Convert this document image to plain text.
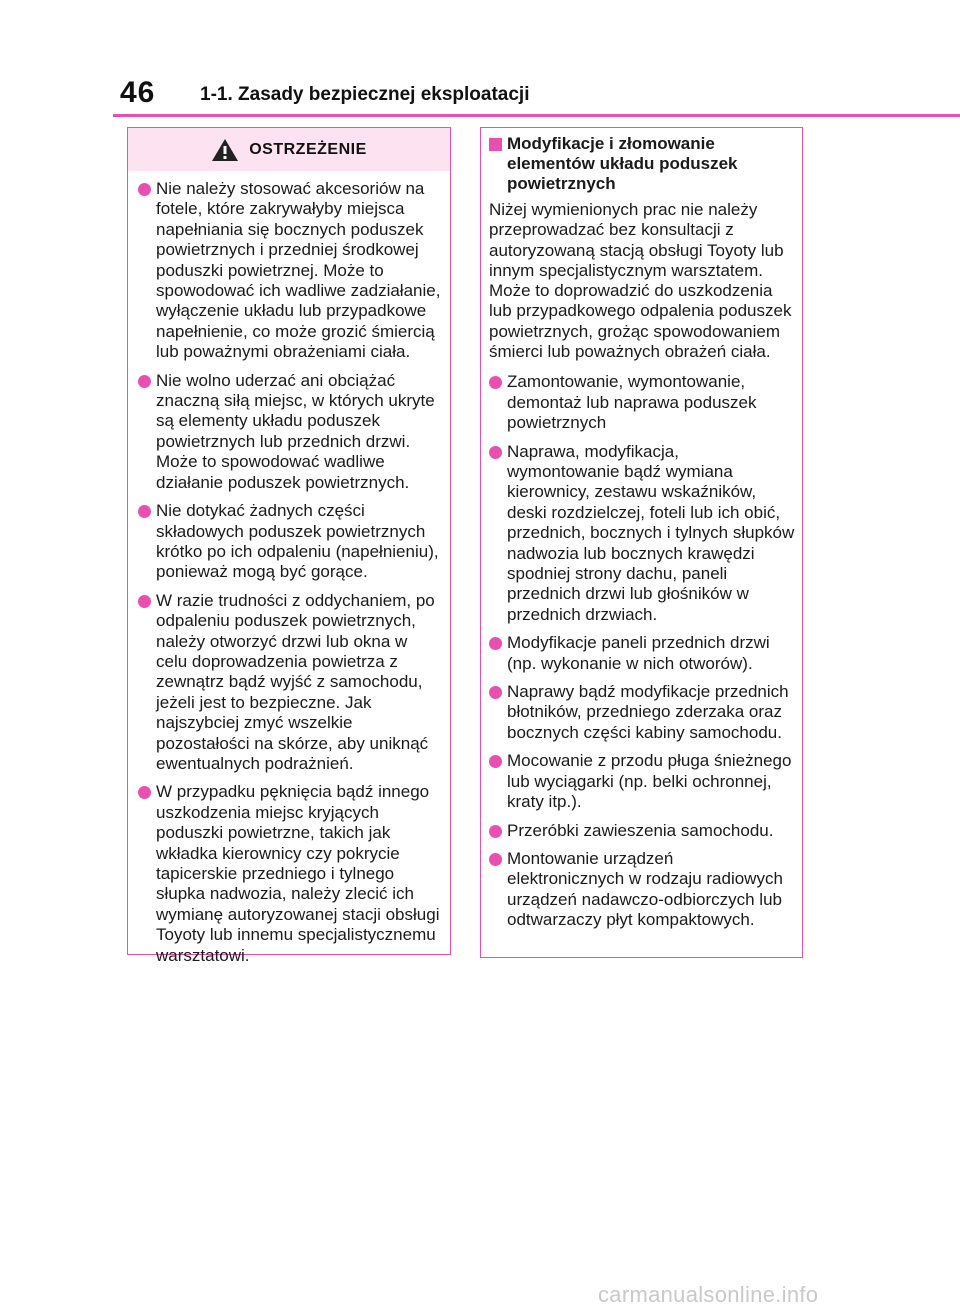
46 1-1. Zasady bezpiecznej eksploatacji
OSTRZEŻENIE
Nie należy stosować akcesoriów na fotele, które zakrywałyby miejsca napełniania się bocznych poduszek powietrznych i przedniej środkowej poduszki powietrznej. Może to spowodować ich wadliwe zadziałanie, wyłączenie układu lub przypadkowe napełnienie, co może grozić śmiercią lub poważnymi obrażeniami ciała.
Nie wolno uderzać ani obciążać znaczną siłą miejsc, w których ukryte są elementy układu poduszek powietrznych lub przednich drzwi. Może to spowodować wadliwe działanie poduszek powietrznych.
Nie dotykać żadnych części składowych poduszek powietrznych krótko po ich odpaleniu (napełnieniu), ponieważ mogą być gorące.
W razie trudności z oddychaniem, po odpaleniu poduszek powietrznych, należy otworzyć drzwi lub okna w celu doprowadzenia powietrza z zewnątrz bądź wyjść z samochodu, jeżeli jest to bezpieczne. Jak najszybciej zmyć wszelkie pozostałości na skórze, aby uniknąć ewentualnych podrażnień.
W przypadku pęknięcia bądź innego uszkodzenia miejsc kryjących poduszki powietrzne, takich jak wkładka kierownicy czy pokrycie tapicerskie przedniego i tylnego słupka nadwozia, należy zlecić ich wymianę autoryzowanej stacji obsługi Toyoty lub innemu specjalistycznemu warsztatowi.
Modyfikacje i złomowanie elementów układu poduszek powietrznych
Niżej wymienionych prac nie należy przeprowadzać bez konsultacji z autoryzowaną stacją obsługi Toyoty lub innym specjalistycznym warsztatem. Może to doprowadzić do uszkodzenia lub przypadkowego odpalenia poduszek powietrznych, grożąc spowodowaniem śmierci lub poważnych obrażeń ciała.
Zamontowanie, wymontowanie, demontaż lub naprawa poduszek powietrznych
Naprawa, modyfikacja, wymontowanie bądź wymiana kierownicy, zestawu wskaźników, deski rozdzielczej, foteli lub ich obić, przednich, bocznych i tylnych słupków nadwozia lub bocznych krawędzi spodniej strony dachu, paneli przednich drzwi lub głośników w przednich drzwiach.
Modyfikacje paneli przednich drzwi (np. wykonanie w nich otworów).
Naprawy bądź modyfikacje przednich błotników, przedniego zderzaka oraz bocznych części kabiny samochodu.
Mocowanie z przodu pługa śnieżnego lub wyciągarki (np. belki ochronnej, kraty itp.).
Przeróbki zawieszenia samochodu.
Montowanie urządzeń elektronicznych w rodzaju radiowych urządzeń nadawczo-odbiorczych lub odtwarzaczy płyt kompaktowych.
carmanualsonline.info
